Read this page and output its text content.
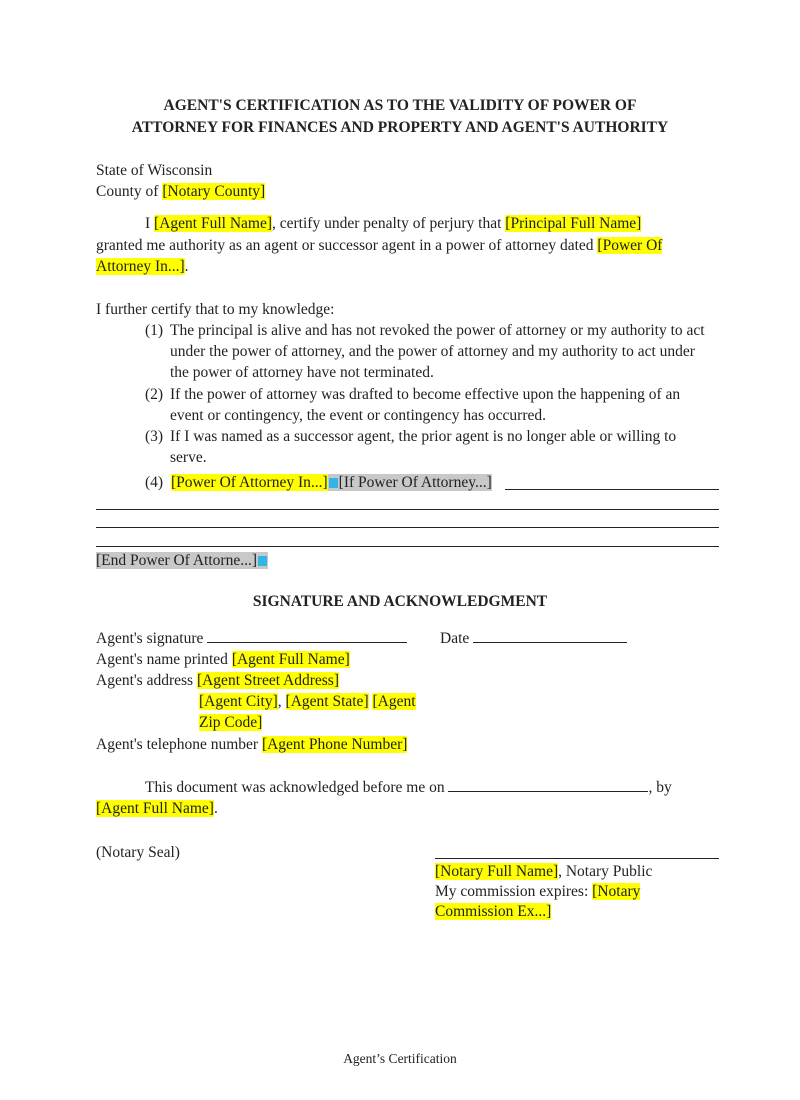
AGENT'S CERTIFICATION AS TO THE VALIDITY OF POWER OF
ATTORNEY FOR FINANCES AND PROPERTY AND AGENT'S AUTHORITY
State of Wisconsin
County of [Notary County]
I [Agent Full Name], certify under penalty of perjury that [Principal Full Name]
granted me authority as an agent or successor agent in a power of attorney dated [Power Of
Attorney In...].
I further certify that to my knowledge:
(1) The principal is alive and has not revoked the power of attorney or my authority to act under the power of attorney, and the power of attorney and my authority to act under the power of attorney have not terminated.
(2) If the power of attorney was drafted to become effective upon the happening of an event or contingency, the event or contingency has occurred.
(3) If I was named as a successor agent, the prior agent is no longer able or willing to serve.
(4) [Power Of Attorney In...] [If Power Of Attorney...]
[End Power Of Attorne...]
SIGNATURE AND ACKNOWLEDGMENT
Agent's signature	Date
Agent's name printed [Agent Full Name]
Agent's address [Agent Street Address]
[Agent City], [Agent State] [Agent
Zip Code]
Agent's telephone number [Agent Phone Number]
This document was acknowledged before me on	, by
[Agent Full Name].
(Notary Seal)
[Notary Full Name], Notary Public
My commission expires: [Notary
Commission Ex...]
Agent’s Certification
